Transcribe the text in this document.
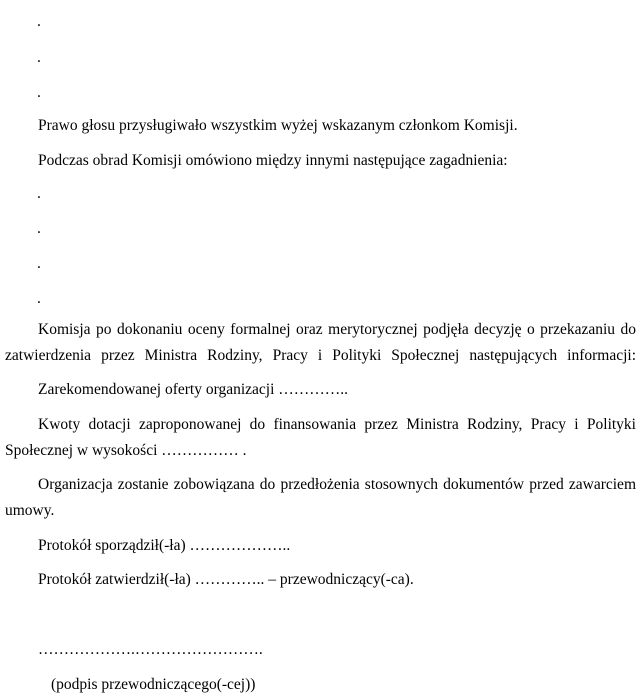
.

.

.

Prawo głosu przysługiwało wszystkim wyżej wskazanym członkom Komisji.

Podczas obrad Komisji omówiono między innymi następujące zagadnienia:

.

.

.

.

Komisja po dokonaniu oceny formalnej oraz merytorycznej podjęła decyzję o przekazaniu do

zatwierdzenia przez Ministra Rodziny, Pracy i Polityki Społecznej następujących informacji:

Zarekomendowanej oferty organizacji …………..

Kwoty dotacji zaproponowanej do finansowania przez Ministra Rodziny, Pracy i Polityki

Społecznej w wysokości …………… .

Organizacja zostanie zobowiązana do przedłożenia stosownych dokumentów przed zawarciem

umowy.

Protokół sporządził(-ła) ………………..

Protokół zatwierdził(-ła) ………….. – przewodniczący(-ca).

……………….…………………….

(podpis przewodniczącego(-cej))
